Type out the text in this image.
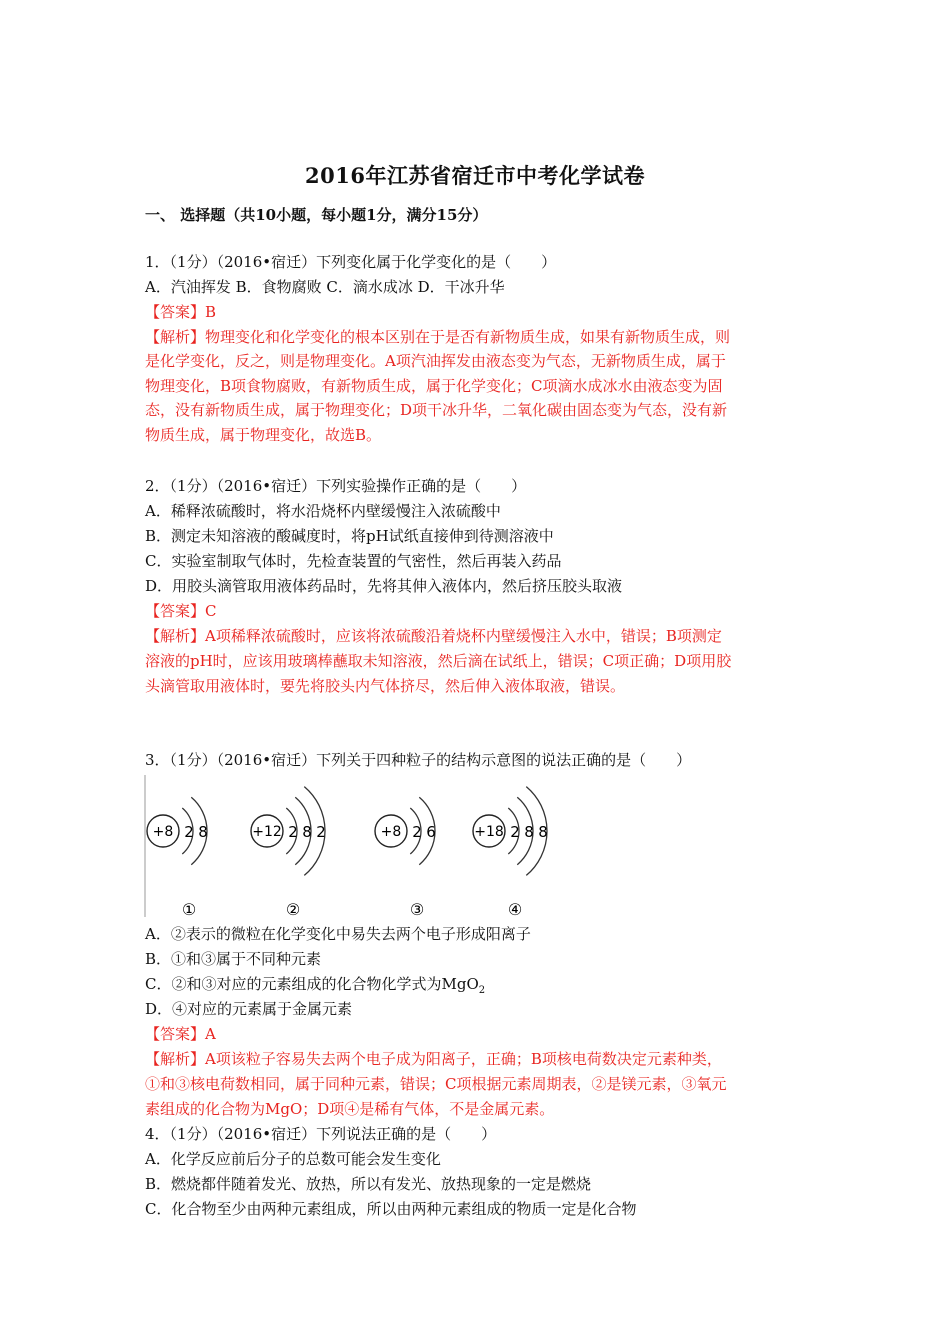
2016年江苏省宿迁市中考化学试卷
一、 选择题（共10小题，每小题1分，满分15分）
1．（1分）（2016•宿迁）下列变化属于化学变化的是（　　）
A．汽油挥发 B．食物腐败 C．滴水成冰 D．干冰升华
【答案】B
【解析】物理变化和化学变化的根本区别在于是否有新物质生成，如果有新物质生成，则
是化学变化，反之，则是物理变化。A项汽油挥发由液态变为气态，无新物质生成，属于
物理变化，B项食物腐败，有新物质生成，属于化学变化；C项滴水成冰水由液态变为固
态，没有新物质生成，属于物理变化；D项干冰升华，二氧化碳由固态变为气态，没有新
物质生成，属于物理变化，故选B。
2．（1分）（2016•宿迁）下列实验操作正确的是（　　）
A．稀释浓硫酸时，将水沿烧杯内壁缓慢注入浓硫酸中
B．测定未知溶液的酸碱度时，将pH试纸直接伸到待测溶液中
C．实验室制取气体时，先检查装置的气密性，然后再装入药品
D．用胶头滴管取用液体药品时，先将其伸入液体内，然后挤压胶头取液
【答案】C
【解析】A项稀释浓硫酸时，应该将浓硫酸沿着烧杯内壁缓慢注入水中，错误；B项测定
溶液的pH时，应该用玻璃棒蘸取未知溶液，然后滴在试纸上，错误；C项正确；D项用胶
头滴管取用液体时，要先将胶头内气体挤尽，然后伸入液体取液，错误。
3．（1分）（2016•宿迁）下列关于四种粒子的结构示意图的说法正确的是（　　）
+8 2 8
①
+12 2 8 2
②
+8 2 6
③
+18 2 8 8
④
A．②表示的微粒在化学变化中易失去两个电子形成阳离子
B．①和③属于不同种元素
C．②和③对应的元素组成的化合物化学式为MgO$_2$
D．④对应的元素属于金属元素
【答案】A
【解析】A项该粒子容易失去两个电子成为阳离子，正确；B项核电荷数决定元素种类，
①和③核电荷数相同，属于同种元素，错误；C项根据元素周期表，②是镁元素，③氧元
素组成的化合物为MgO；D项④是稀有气体，不是金属元素。
4．（1分）（2016•宿迁）下列说法正确的是（　　）
A．化学反应前后分子的总数可能会发生变化
B．燃烧都伴随着发光、放热，所以有发光、放热现象的一定是燃烧
C．化合物至少由两种元素组成，所以由两种元素组成的物质一定是化合物
